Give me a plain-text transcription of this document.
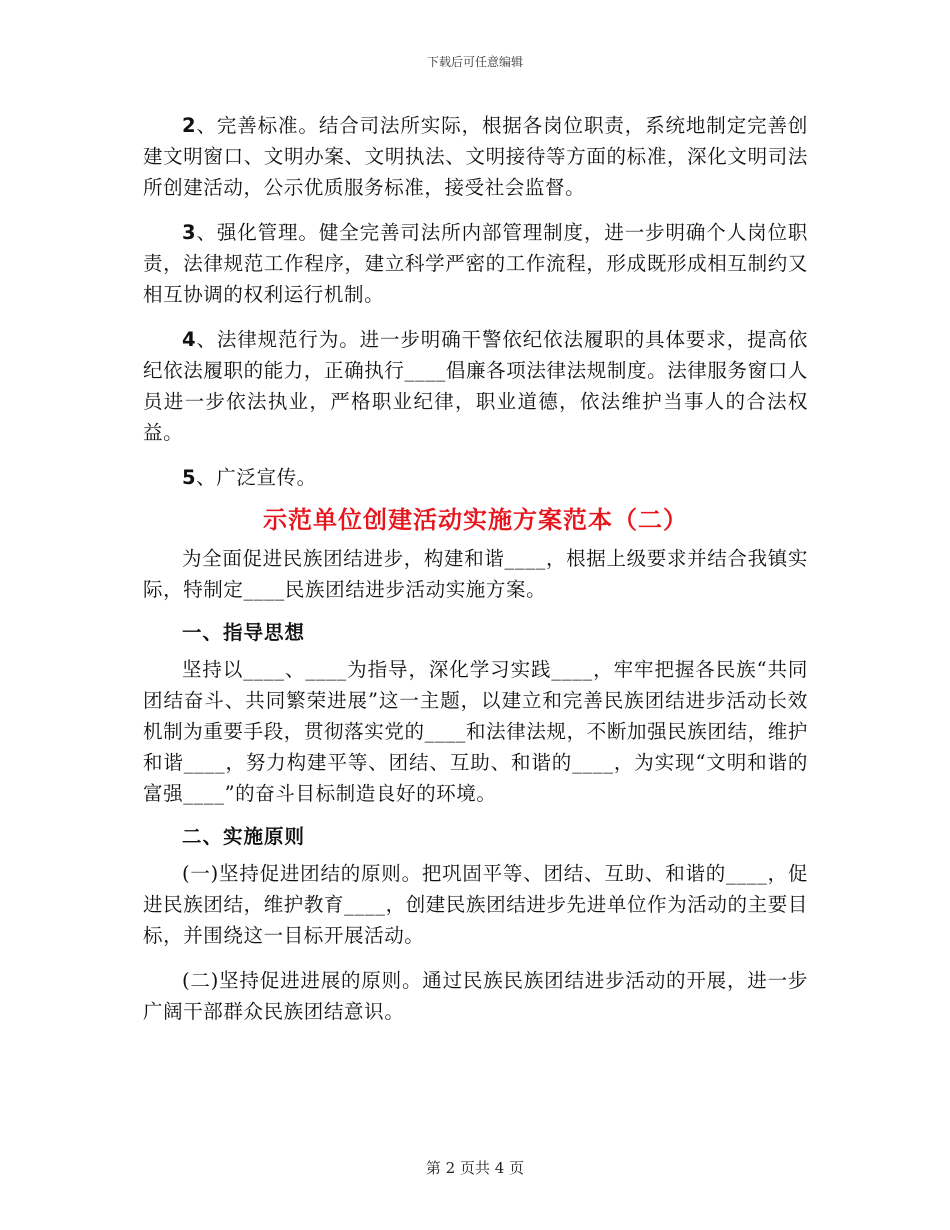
下载后可任意编辑

2、完善标准。结合司法所实际，根据各岗位职责，系统地制定完善创建文明窗口、文明办案、文明执法、文明接待等方面的标准，深化文明司法所创建活动，公示优质服务标准，接受社会监督。

3、强化管理。健全完善司法所内部管理制度，进一步明确个人岗位职责，法律规范工作程序，建立科学严密的工作流程，形成既形成相互制约又相互协调的权利运行机制。

4、法律规范行为。进一步明确干警依纪依法履职的具体要求，提高依纪依法履职的能力，正确执行____倡廉各项法律法规制度。法律服务窗口人员进一步依法执业，严格职业纪律，职业道德，依法维护当事人的合法权益。

5、广泛宣传。

示范单位创建活动实施方案范本（二）

为全面促进民族团结进步，构建和谐____，根据上级要求并结合我镇实际，特制定____民族团结进步活动实施方案。

一、指导思想

坚持以____、____为指导，深化学习实践____，牢牢把握各民族“共同团结奋斗、共同繁荣进展”这一主题，以建立和完善民族团结进步活动长效机制为重要手段，贯彻落实党的____和法律法规，不断加强民族团结，维护和谐____，努力构建平等、团结、互助、和谐的____，为实现“文明和谐的富强____”的奋斗目标制造良好的环境。

二、实施原则

(一)坚持促进团结的原则。把巩固平等、团结、互助、和谐的____，促进民族团结，维护教育____，创建民族团结进步先进单位作为活动的主要目标，并围绕这一目标开展活动。

(二)坚持促进进展的原则。通过民族民族团结进步活动的开展，进一步广阔干部群众民族团结意识。

第 2 页共 4 页
